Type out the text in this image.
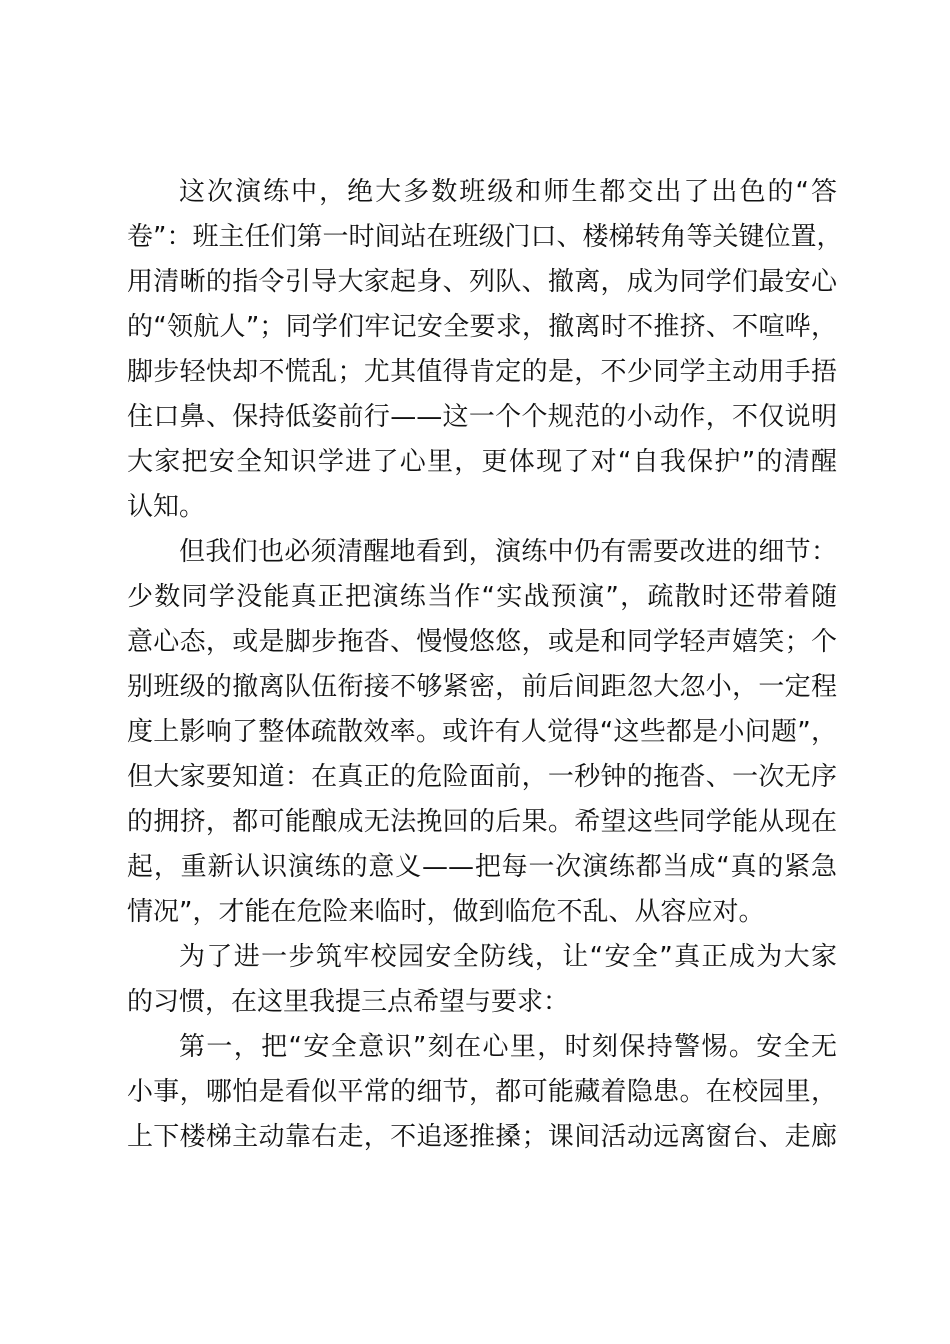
这次演练中，绝大多数班级和师生都交出了出色的“答
卷”：班主任们第一时间站在班级门口、楼梯转角等关键位置，
用清晰的指令引导大家起身、列队、撤离，成为同学们最安心
的“领航人”；同学们牢记安全要求，撤离时不推挤、不喧哗，
脚步轻快却不慌乱；尤其值得肯定的是，不少同学主动用手捂
住口鼻、保持低姿前行——这一个个规范的小动作，不仅说明
大家把安全知识学进了心里，更体现了对“自我保护”的清醒
认知。
但我们也必须清醒地看到，演练中仍有需要改进的细节：
少数同学没能真正把演练当作“实战预演”，疏散时还带着随
意心态，或是脚步拖沓、慢慢悠悠，或是和同学轻声嬉笑；个
别班级的撤离队伍衔接不够紧密，前后间距忽大忽小，一定程
度上影响了整体疏散效率。或许有人觉得“这些都是小问题”，
但大家要知道：在真正的危险面前，一秒钟的拖沓、一次无序
的拥挤，都可能酿成无法挽回的后果。希望这些同学能从现在
起，重新认识演练的意义——把每一次演练都当成“真的紧急
情况”，才能在危险来临时，做到临危不乱、从容应对。
为了进一步筑牢校园安全防线，让“安全”真正成为大家
的习惯，在这里我提三点希望与要求：
第一，把“安全意识”刻在心里，时刻保持警惕。安全无
小事，哪怕是看似平常的细节，都可能藏着隐患。在校园里，
上下楼梯主动靠右走，不追逐推搡；课间活动远离窗台、走廊
